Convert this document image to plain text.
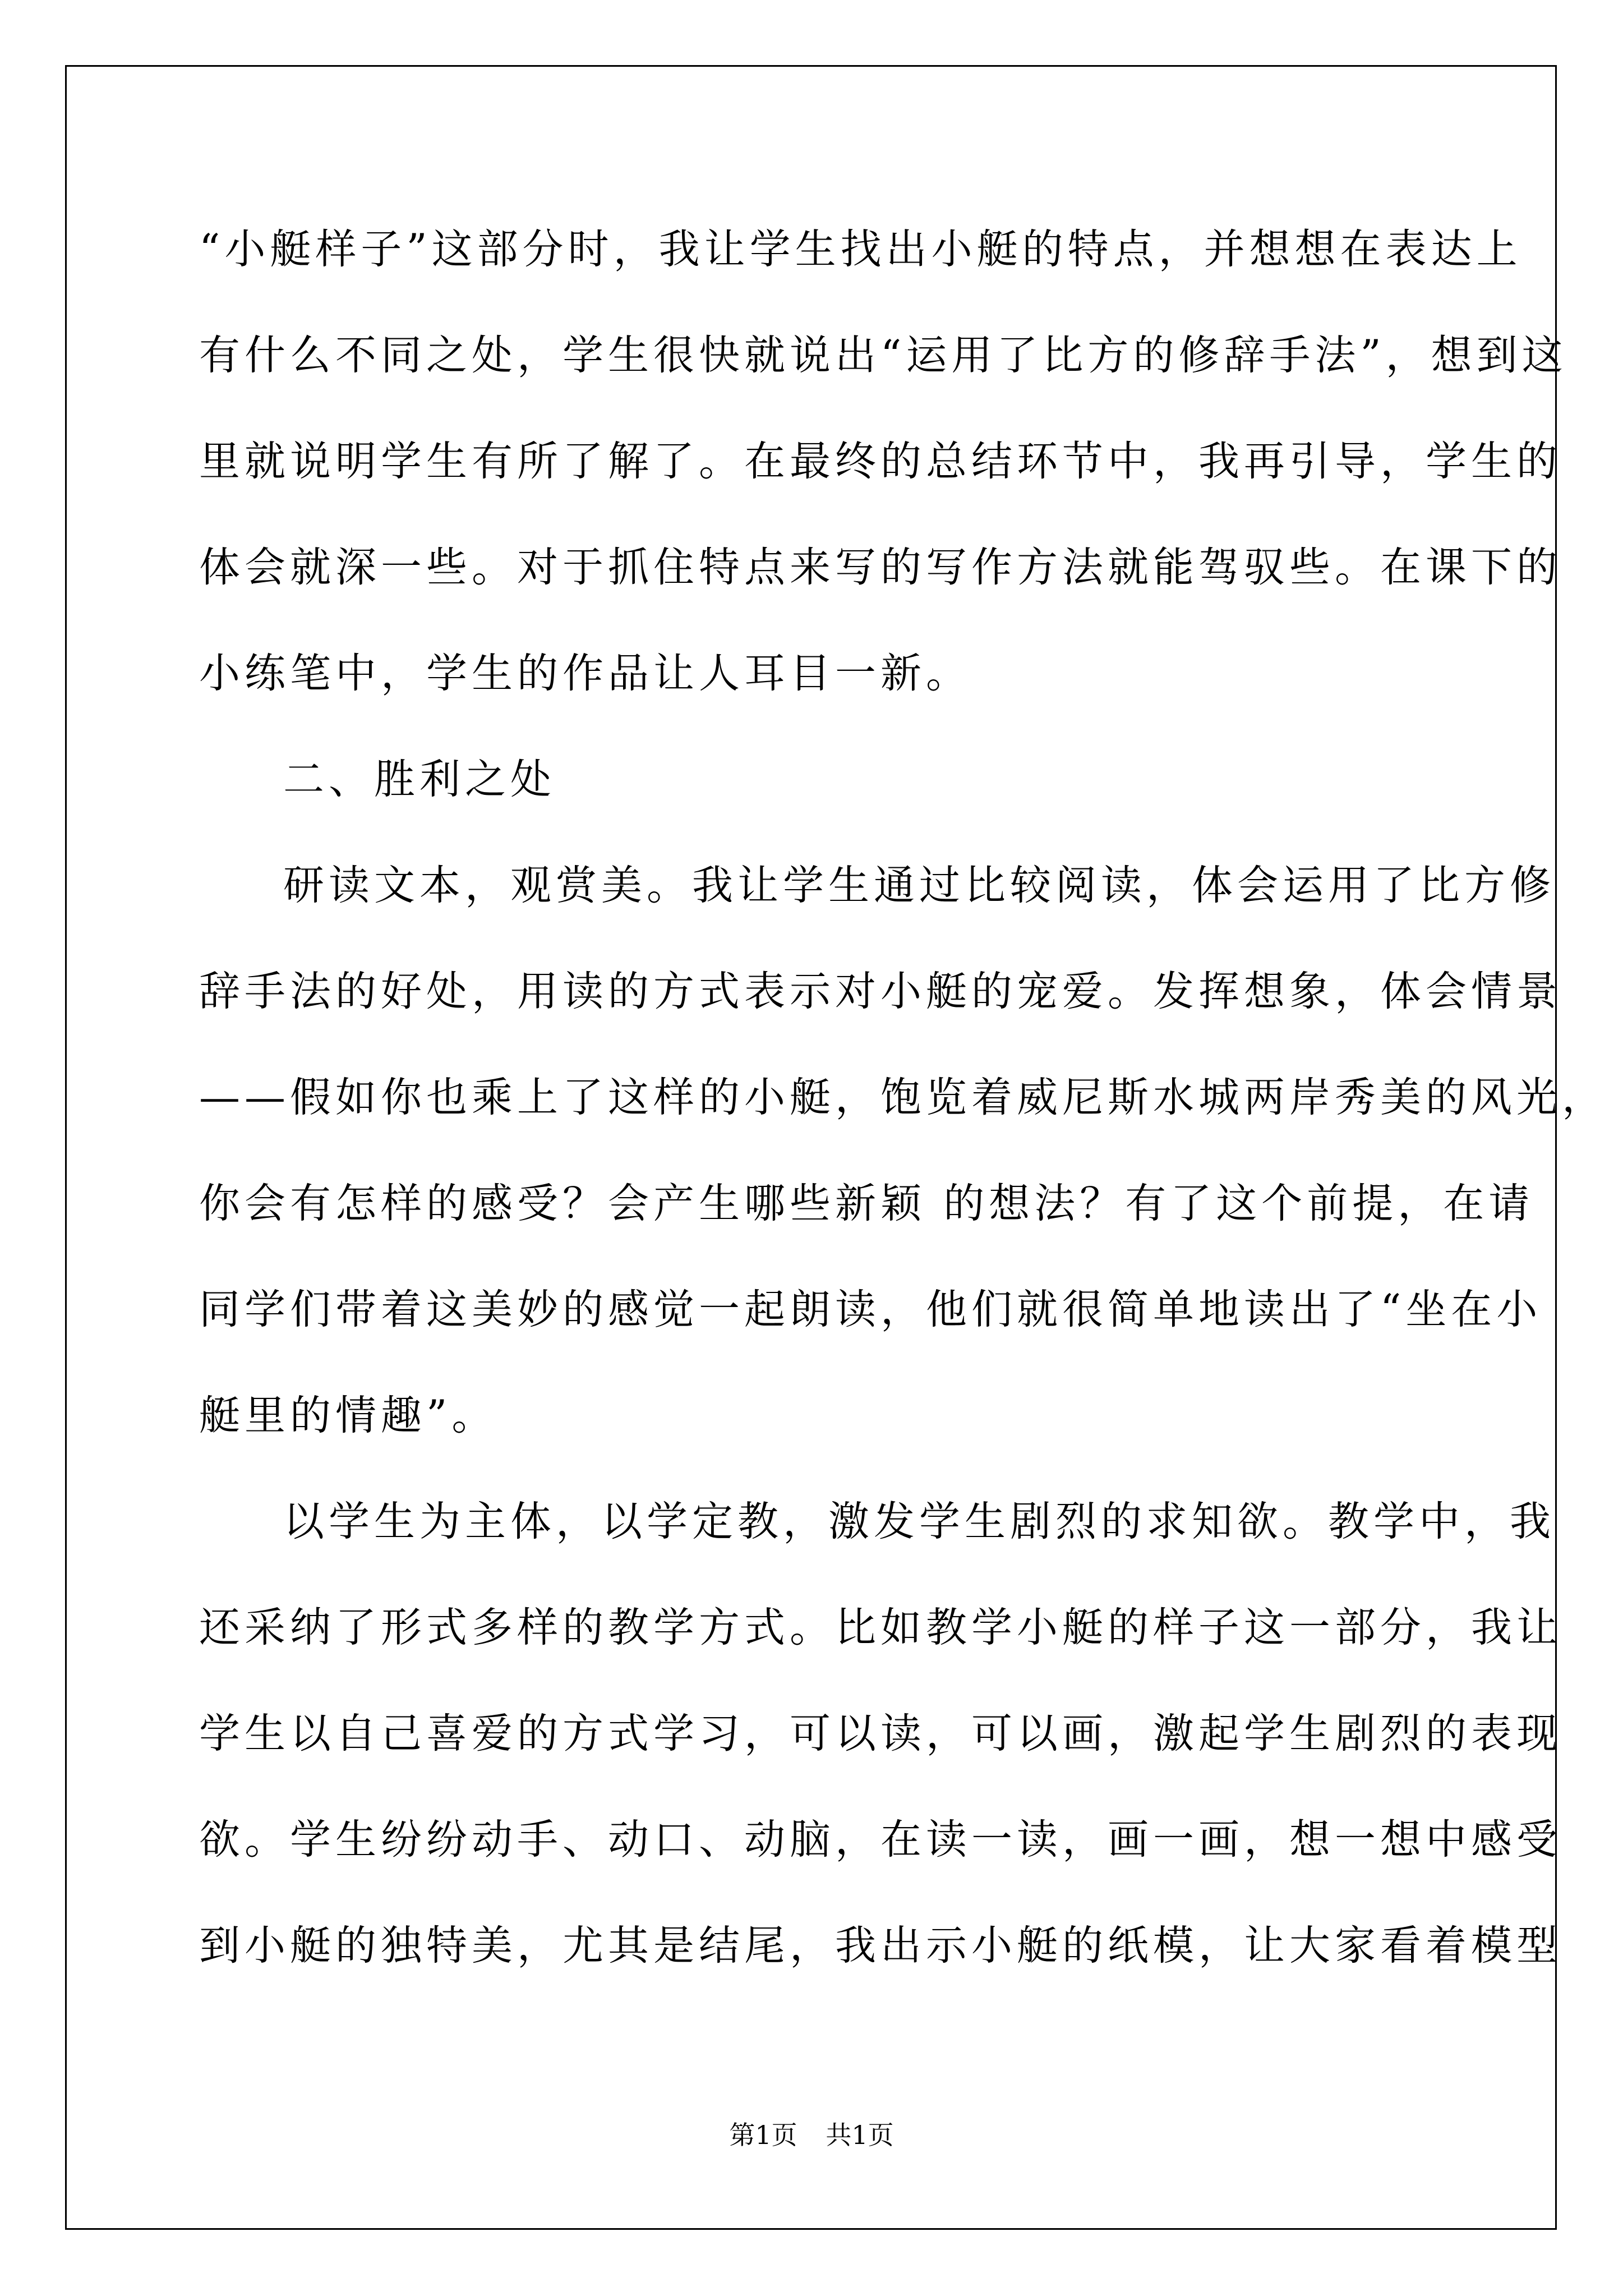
“小艇样子”这部分时，我让学生找出小艇的特点，并想想在表达上
有什么不同之处，学生很快就说出“运用了比方的修辞手法”，想到这
里就说明学生有所了解了。在最终的总结环节中，我再引导，学生的
体会就深一些。对于抓住特点来写的写作方法就能驾驭些。在课下的
小练笔中，学生的作品让人耳目一新。
二、胜利之处
研读文本，观赏美。我让学生通过比较阅读，体会运用了比方修
辞手法的好处，用读的方式表示对小艇的宠爱。发挥想象，体会情景
——假如你也乘上了这样的小艇，饱览着威尼斯水城两岸秀美的风光，
你会有怎样的感受？会产生哪些新颖 的想法？有了这个前提，在请
同学们带着这美妙的感觉一起朗读，他们就很简单地读出了“坐在小
艇里的情趣”。
以学生为主体，以学定教，激发学生剧烈的求知欲。教学中，我
还采纳了形式多样的教学方式。比如教学小艇的样子这一部分，我让
学生以自己喜爱的方式学习，可以读，可以画，激起学生剧烈的表现
欲。学生纷纷动手、动口、动脑，在读一读，画一画，想一想中感受
到小艇的独特美，尤其是结尾，我出示小艇的纸模，让大家看着模型
第1页 共1页
